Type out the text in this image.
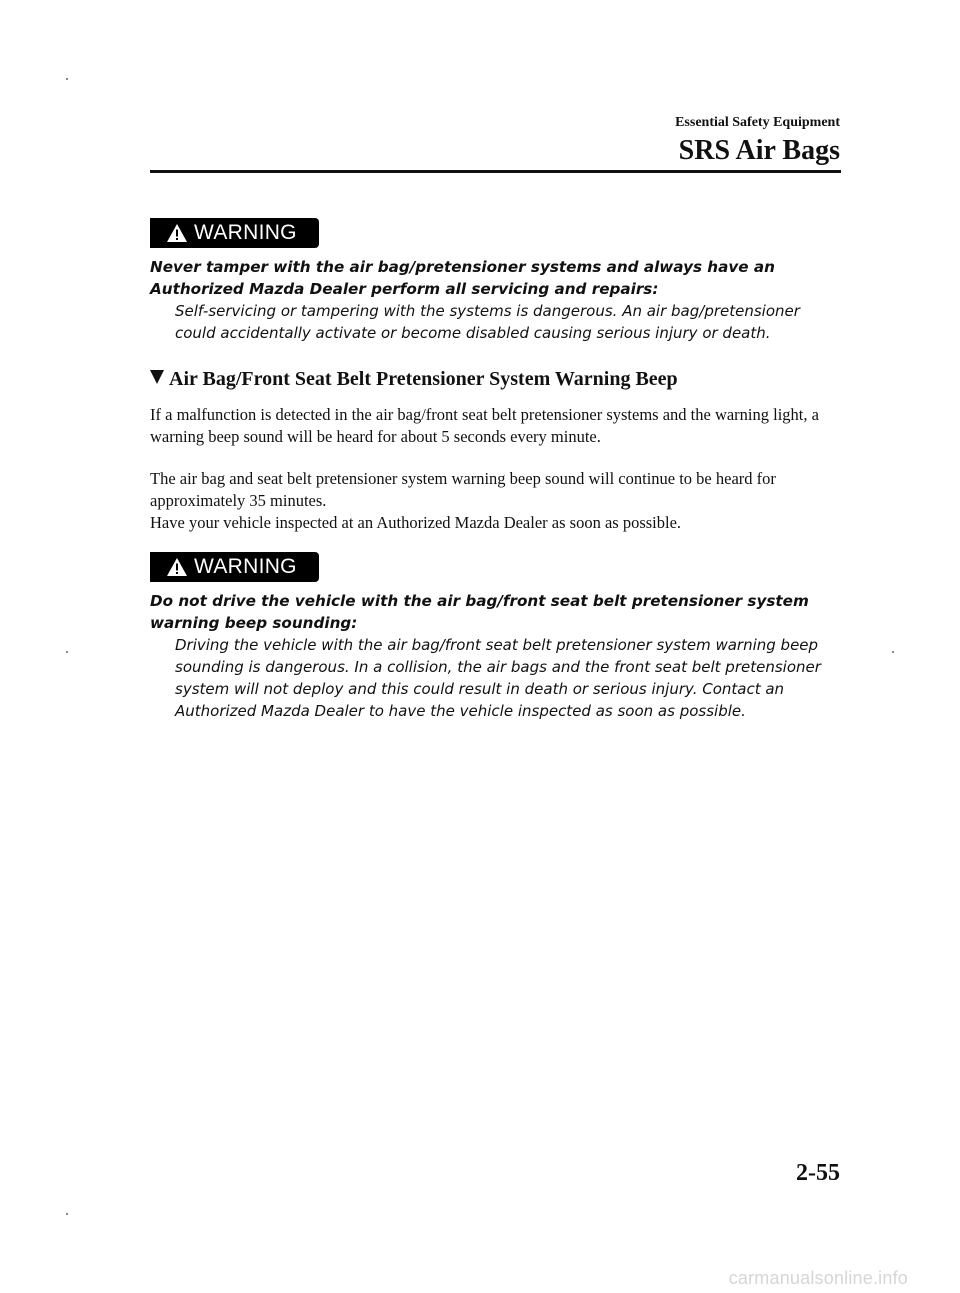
Essential Safety Equipment
SRS Air Bags
WARNING

Never tamper with the air bag/pretensioner systems and always have an Authorized Mazda Dealer perform all servicing and repairs:

Self-servicing or tampering with the systems is dangerous. An air bag/pretensioner could accidentally activate or become disabled causing serious injury or death.

Air Bag/Front Seat Belt Pretensioner System Warning Beep

If a malfunction is detected in the air bag/front seat belt pretensioner systems and the warning light, a warning beep sound will be heard for about 5 seconds every minute.

The air bag and seat belt pretensioner system warning beep sound will continue to be heard for approximately 35 minutes.

Have your vehicle inspected at an Authorized Mazda Dealer as soon as possible.

WARNING

Do not drive the vehicle with the air bag/front seat belt pretensioner system warning beep sounding:

Driving the vehicle with the air bag/front seat belt pretensioner system warning beep sounding is dangerous. In a collision, the air bags and the front seat belt pretensioner system will not deploy and this could result in death or serious injury. Contact an Authorized Mazda Dealer to have the vehicle inspected as soon as possible.

2-55
carmanualsonline.info
